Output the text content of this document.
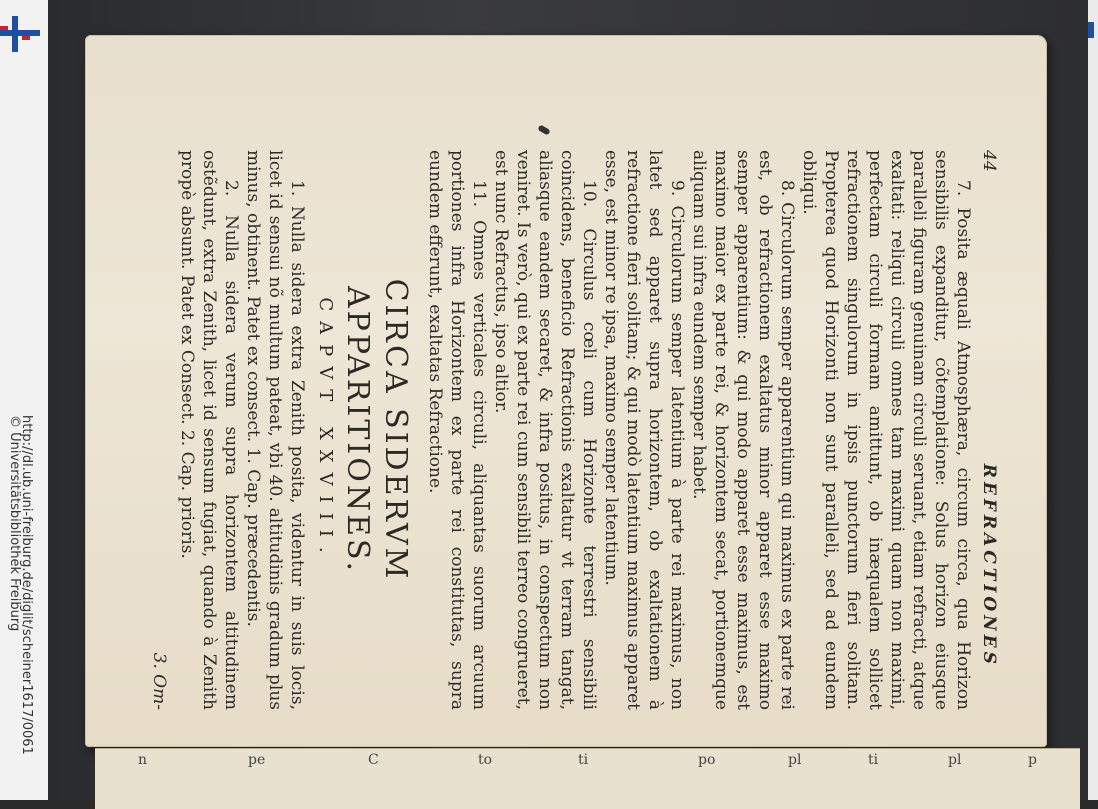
http://dl.ub.uni-freiburg.de/diglit/scheiner1617/0061
© Universitätsbibliothek Freiburg
44
REFRACTIONES

7. Posita æquali Atmosphæra, circum circa, qua Horizon sensibilis expanditur, cõtemplatione: Solus horizon eiusque paralleli figuram genuinam circuli seruant, etiam refracti, atque exaltati: reliqui circuli omnes tam maximi quam non maximi, perfectam circuli formam amittunt, ob inæqualem sollicet refractionem singulorum in ipsis punctorum fieri solitam. Propterea quod Horizonti non sunt paralleli, sed ad eundem obliqui.

8. Circulorum semper apparentium qui maximus ex parte rei est, ob refractionem exaltatus minor apparet esse maximo semper apparentium: & qui modo apparet esse maximus, est maximo maior ex parte rei, & horizontem secat, portionemque aliquam sui infra eundem semper habet.

9. Circulorum semper latentium à parte rei maximus, non latet sed apparet supra horizontem, ob exaltationem à refractione fieri solitam; & qui modò latentium maximus apparet esse, est minor re ipsa, maximo semper latentium.

10. Circulus cœli cum Horizonte terrestri sensibili coincidens, beneficio Refractionis exaltatur vt terram tangat, aliasque eandem secaret, & infra positus, in conspectum non veniret. Is verò, qui ex parte rei cum sensibili terreo congrueret, est nunc Refractus, ipso altior.

11. Omnes verticales circuli, aliquantas suorum arcuum portiones infra Horizontem ex parte rei constitutas, supra eundem efferunt, exaltatas Refractione.

CIRCA SIDERVM APPARITIONES.
CAPVT XXVIII.

1. Nulla sidera extra Zenith posita, videntur in suis locis, licet id sensui nõ multum pateat, vbi 40. altitudinis gradum plus minus, obtinent. Patet ex consect. 1. Cap. præcedentis.

2. Nulla sidera verum supra horizontem altitudinem ostẽdunt, extra Zenith, licet id sensum fugiat, quando à Zenith propè absunt. Patet ex Consect. 2. Cap. prioris.

3. Om-
n	pe	C	to	ti	po	pl	ti	pl	p
